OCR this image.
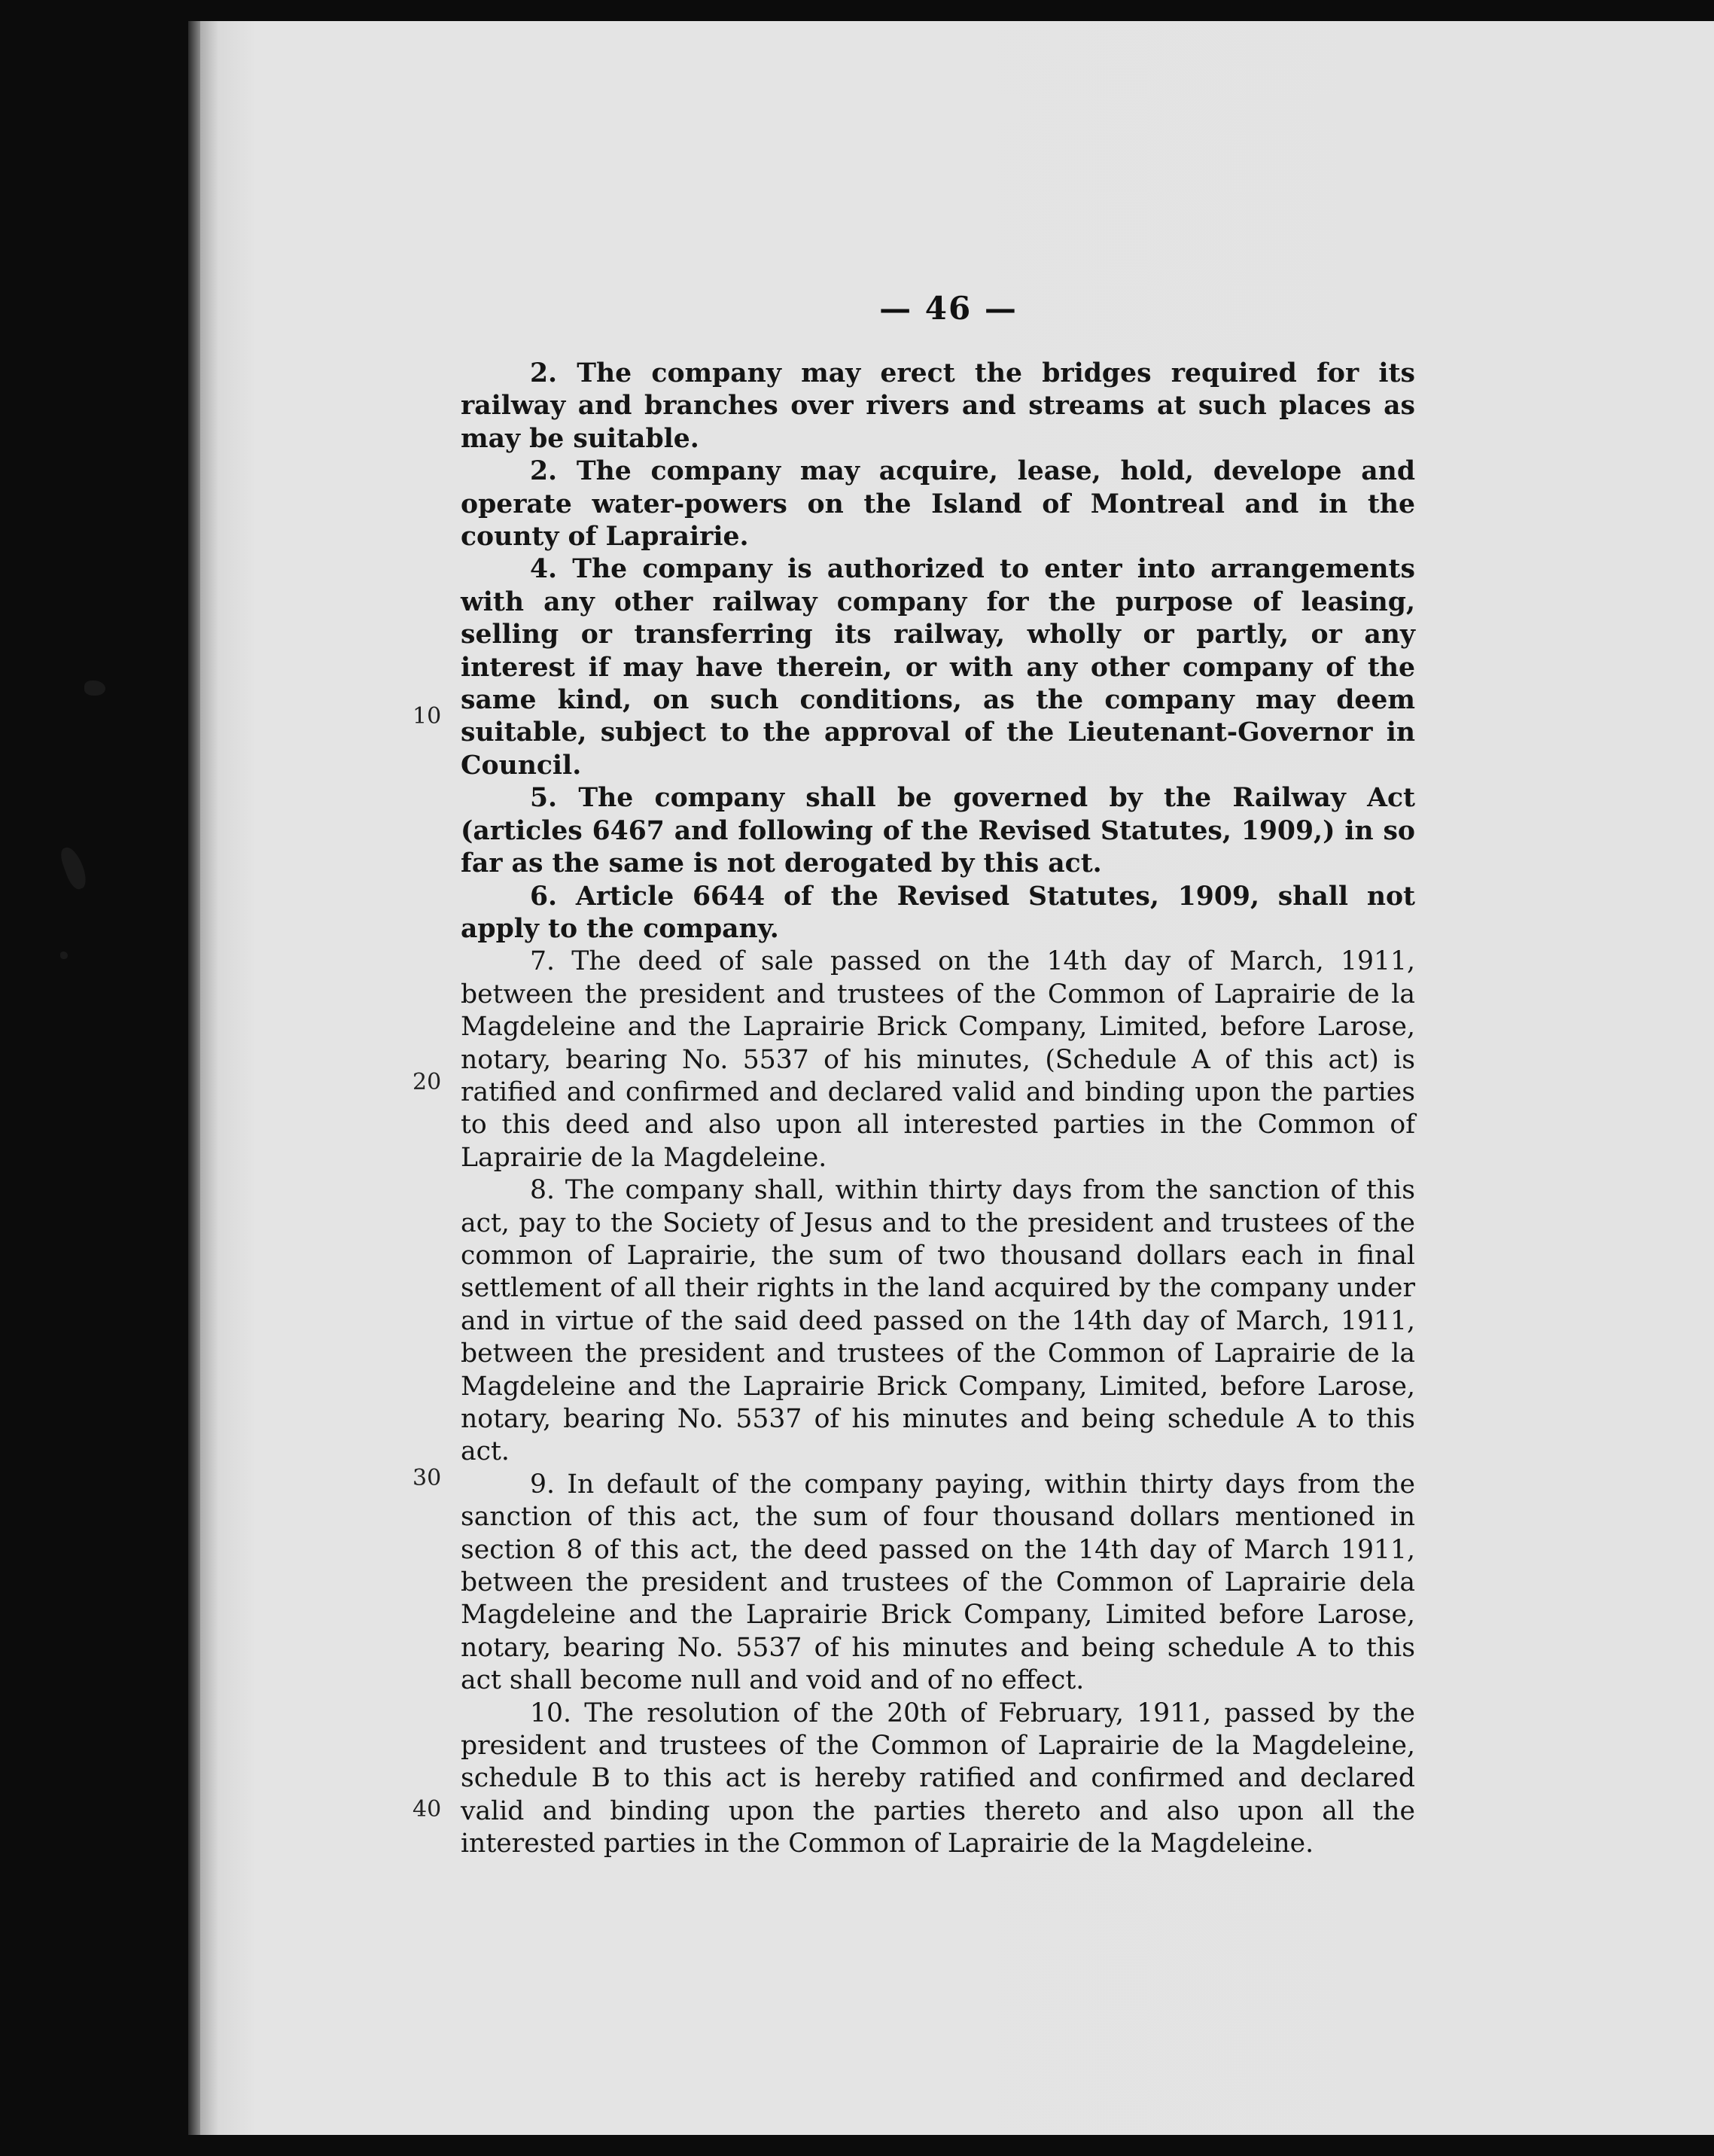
— 46 —
10
20
30
40

2. The company may erect the bridges required for its railway and branches over rivers and streams at such places as may be suitable.

2. The company may acquire, lease, hold, develope and operate water-powers on the Island of Montreal and in the county of Laprairie.

4. The company is authorized to enter into arrangements with any other railway company for the purpose of leasing, selling or transferring its railway, wholly or partly, or any interest if may have therein, or with any other company of the same kind, on such conditions, as the company may deem suitable, subject to the approval of the Lieutenant-Governor in Council.

5. The company shall be governed by the Railway Act (articles 6467 and following of the Revised Statutes, 1909,) in so far as the same is not derogated by this act.

6. Article 6644 of the Revised Statutes, 1909, shall not apply to the company.

7. The deed of sale passed on the 14th day of March, 1911, between the president and trustees of the Common of Laprairie de la Magdeleine and the Laprairie Brick Company, Limited, before Larose, notary, bearing No. 5537 of his minutes, (Schedule A of this act) is ratified and confirmed and declared valid and binding upon the parties to this deed and also upon all interested parties in the Common of Laprairie de la Magdeleine.

8. The company shall, within thirty days from the sanction of this act, pay to the Society of Jesus and to the president and trustees of the common of Laprairie, the sum of two thousand dollars each in final settlement of all their rights in the land acquired by the company under and in virtue of the said deed passed on the 14th day of March, 1911, between the president and trustees of the Common of Laprairie de la Magdeleine and the Laprairie Brick Company, Limited, before Larose, notary, bearing No. 5537 of his minutes and being schedule A to this act.

9. In default of the company paying, within thirty days from the sanction of this act, the sum of four thousand dollars mentioned in section 8 of this act, the deed passed on the 14th day of March 1911, between the president and trustees of the Common of Laprairie dela Magdeleine and the Laprairie Brick Company, Limited before Larose, notary, bearing No. 5537 of his minutes and being schedule A to this act shall become null and void and of no effect.

10. The resolution of the 20th of February, 1911, passed by the president and trustees of the Common of Laprairie de la Magdeleine, schedule B to this act is hereby ratified and confirmed and declared valid and binding upon the parties thereto and also upon all the interested parties in the Common of Laprairie de la Magdeleine.
